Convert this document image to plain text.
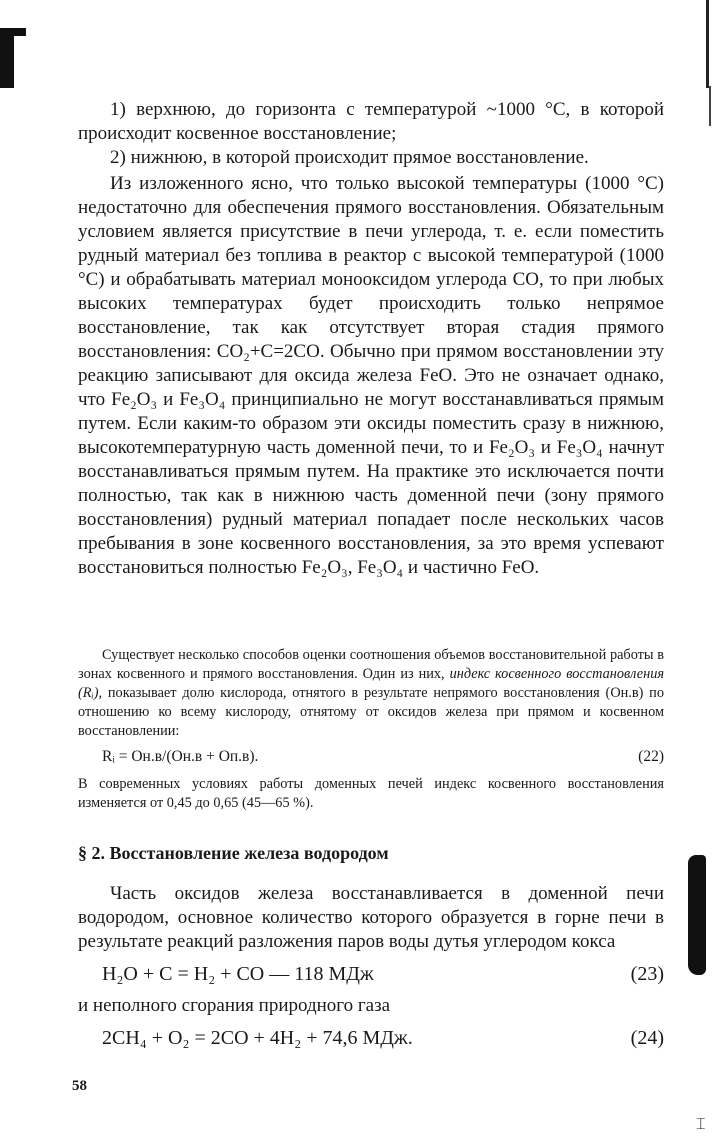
1) верхнюю, до горизонта с температурой ~1000 °С, в которой происходит косвенное восстановление;

2) нижнюю, в которой происходит прямое восстановление.

Из изложенного ясно, что только высокой температуры (1000 °С) недостаточно для обеспечения прямого восстановления. Обязательным условием является присутствие в печи углерода, т. е. если поместить рудный материал без топлива в реактор с высокой температурой (1000 °С) и обрабатывать материал монооксидом углерода СО, то при любых высоких температурах будет происходить только непрямое восстановление, так как отсутствует вторая стадия прямого восстановления: СО₂+С=2СО. Обычно при прямом восстановлении эту реакцию записывают для оксида железа FeO. Это не означает однако, что Fe₂O₃ и Fe₃O₄ принципиально не могут восстанавливаться прямым путем. Если каким-то образом эти оксиды поместить сразу в нижнюю, высокотемпературную часть доменной печи, то и Fe₂O₃ и Fe₃O₄ начнут восстанавливаться прямым путем. На практике это исключается почти полностью, так как в нижнюю часть доменной печи (зону прямого восстановления) рудный материал попадает после нескольких часов пребывания в зоне косвенного восстановления, за это время успевают восстановиться полностью Fe₂O₃, Fe₃O₄ и частично FeO.

Существует несколько способов оценки соотношения объемов восстановительной работы в зонах косвенного и прямого восстановления. Один из них, индекс косвенного восстановления (Rᵢ), показывает долю кислорода, отнятого в результате непрямого восстановления (Oн.в) по отношению ко всему кислороду, отнятому от оксидов железа при прямом и косвенном восстановлении:

Rᵢ = Oн.в/(Oн.в + Oп.в).	(22)

В современных условиях работы доменных печей индекс косвенного восстановления изменяется от 0,45 до 0,65 (45—65 %).

§ 2. Восстановление железа водородом

Часть оксидов железа восстанавливается в доменной печи водородом, основное количество которого образуется в горне печи в результате реакций разложения паров воды дутья углеродом кокса

H₂O + C = H₂ + CO — 118 МДж	(23)

и неполного сгорания природного газа

2CH₄ + O₂ = 2CO + 4H₂ + 74,6 МДж.	(24)
58
⌶
